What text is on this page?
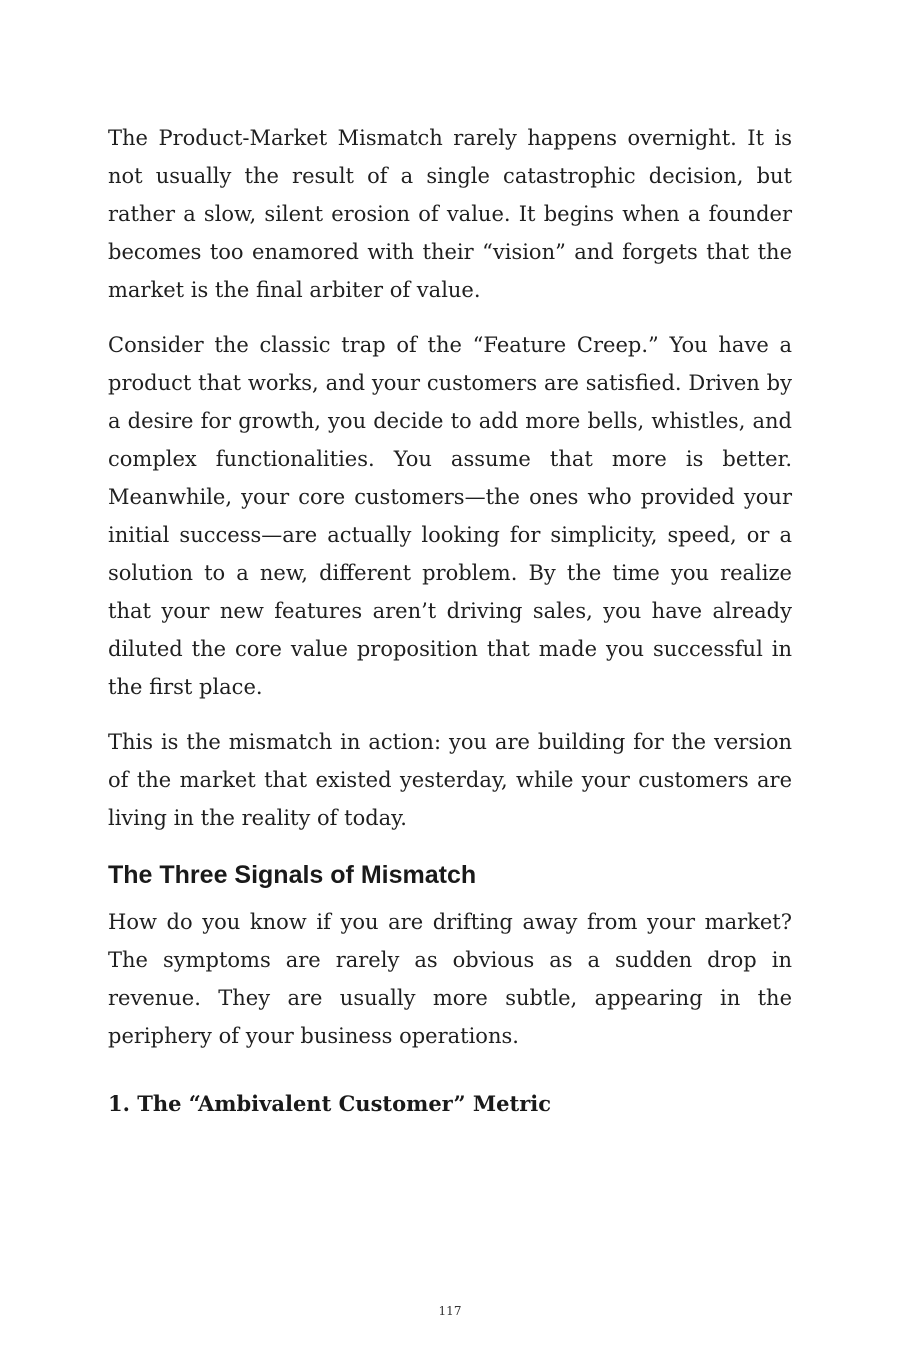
The Product-Market Mismatch rarely happens overnight. It is not usually the result of a single catastrophic decision, but rather a slow, silent erosion of value. It begins when a founder becomes too enamored with their “vision” and forgets that the market is the final arbiter of value.

Consider the classic trap of the “Feature Creep.” You have a product that works, and your customers are satisfied. Driven by a desire for growth, you decide to add more bells, whistles, and complex functionalities. You assume that more is better. Meanwhile, your core customers—the ones who provided your initial success—are actually looking for simplicity, speed, or a solution to a new, different problem. By the time you realize that your new features aren’t driving sales, you have already diluted the core value proposition that made you successful in the first place.

This is the mismatch in action: you are building for the version of the market that existed yesterday, while your customers are living in the reality of today.

The Three Signals of Mismatch

How do you know if you are drifting away from your market? The symptoms are rarely as obvious as a sudden drop in revenue. They are usually more subtle, appearing in the periphery of your business operations.

1. The “Ambivalent Customer” Metric
117
